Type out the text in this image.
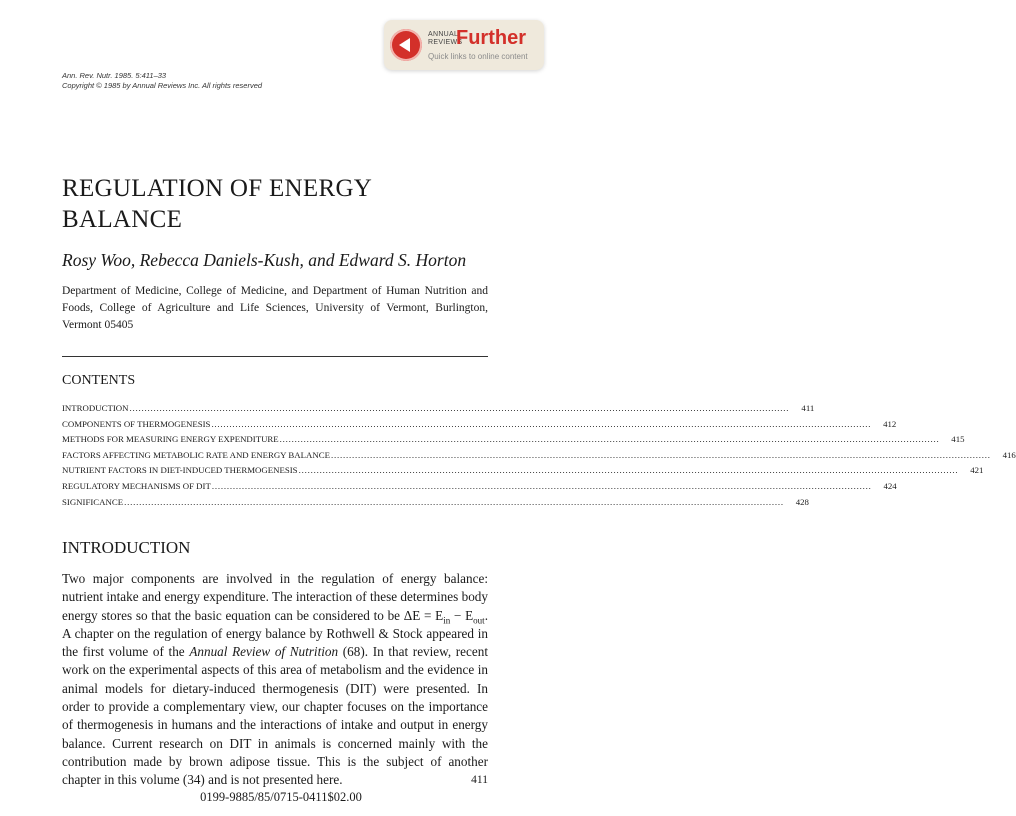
ANNUAL
REVIEWS
Further
Quick links to online content
Ann. Rev. Nutr. 1985. 5:411–33
Copyright © 1985 by Annual Reviews Inc. All rights reserved
REGULATION OF ENERGY
BALANCE
Rosy Woo, Rebecca Daniels-Kush, and Edward S. Horton
Department of Medicine, College of Medicine, and Department of Human Nutrition and Foods, College of Agriculture and Life Sciences, University of Vermont, Burlington, Vermont 05405
CONTENTS
INTRODUCTION ............................................................................................................................................................................................................................	411
COMPONENTS OF THERMOGENESIS ............................................................................................................................................................................................................................	412
METHODS FOR MEASURING ENERGY EXPENDITURE ............................................................................................................................................................................................................................	415
FACTORS AFFECTING METABOLIC RATE AND ENERGY BALANCE ............................................................................................................................................................................................................................	416
NUTRIENT FACTORS IN DIET-INDUCED THERMOGENESIS ............................................................................................................................................................................................................................	421
REGULATORY MECHANISMS OF DIT ............................................................................................................................................................................................................................	424
SIGNIFICANCE ............................................................................................................................................................................................................................	428
INTRODUCTION
Two major components are involved in the regulation of energy balance: nutrient intake and energy expenditure. The interaction of these determines body energy stores so that the basic equation can be considered to be $\Delta E = E_{in} - E_{out}$. A chapter on the regulation of energy balance by Rothwell & Stock appeared in the first volume of the Annual Review of Nutrition (68). In that review, recent work on the experimental aspects of this area of metabolism and the evidence in animal models for dietary-induced thermogenesis (DIT) were presented. In order to provide a complementary view, our chapter focuses on the importance of thermogenesis in humans and the interactions of intake and output in energy balance. Current research on DIT in animals is concerned mainly with the contribution made by brown adipose tissue. This is the subject of another chapter in this volume (34) and is not presented here.	411
0199-9885/85/0715-0411$02.00
